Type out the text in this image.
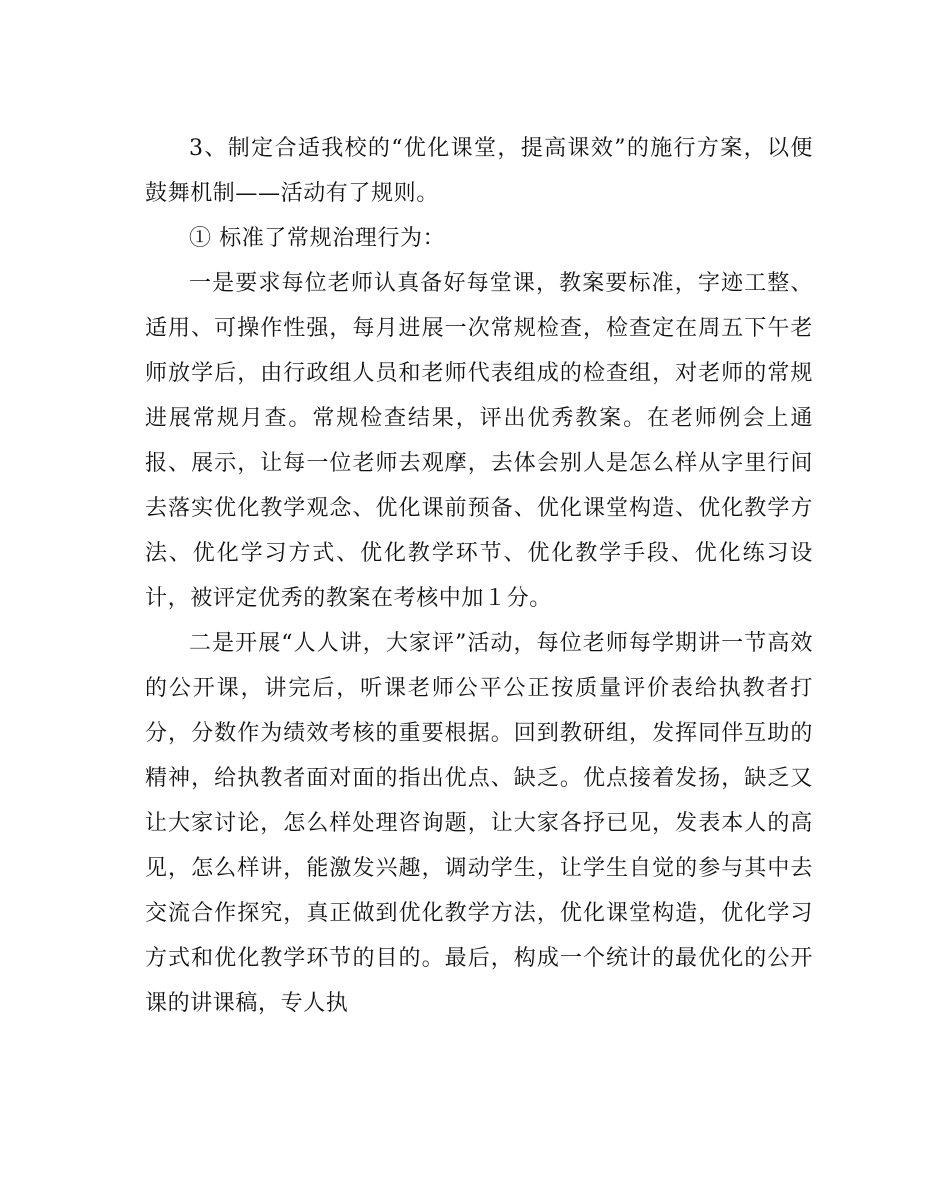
3、制定合适我校的“优化课堂，提高课效”的施行方案，以便鼓舞机制——活动有了规则。

① 标准了常规治理行为：

一是要求每位老师认真备好每堂课，教案要标准，字迹工整、适用、可操作性强，每月进展一次常规检查，检查定在周五下午老师放学后，由行政组人员和老师代表组成的检查组，对老师的常规进展常规月查。常规检查结果，评出优秀教案。在老师例会上通报、展示，让每一位老师去观摩，去体会别人是怎么样从字里行间去落实优化教学观念、优化课前预备、优化课堂构造、优化教学方法、优化学习方式、优化教学环节、优化教学手段、优化练习设计，被评定优秀的教案在考核中加１分。

二是开展“人人讲，大家评”活动，每位老师每学期讲一节高效的公开课，讲完后，听课老师公平公正按质量评价表给执教者打分，分数作为绩效考核的重要根据。回到教研组，发挥同伴互助的精神，给执教者面对面的指出优点、缺乏。优点接着发扬，缺乏又让大家讨论，怎么样处理咨询题，让大家各抒已见，发表本人的高见，怎么样讲，能激发兴趣，调动学生，让学生自觉的参与其中去交流合作探究，真正做到优化教学方法，优化课堂构造，优化学习方式和优化教学环节的目的。最后，构成一个统计的最优化的公开课的讲课稿，专人执
